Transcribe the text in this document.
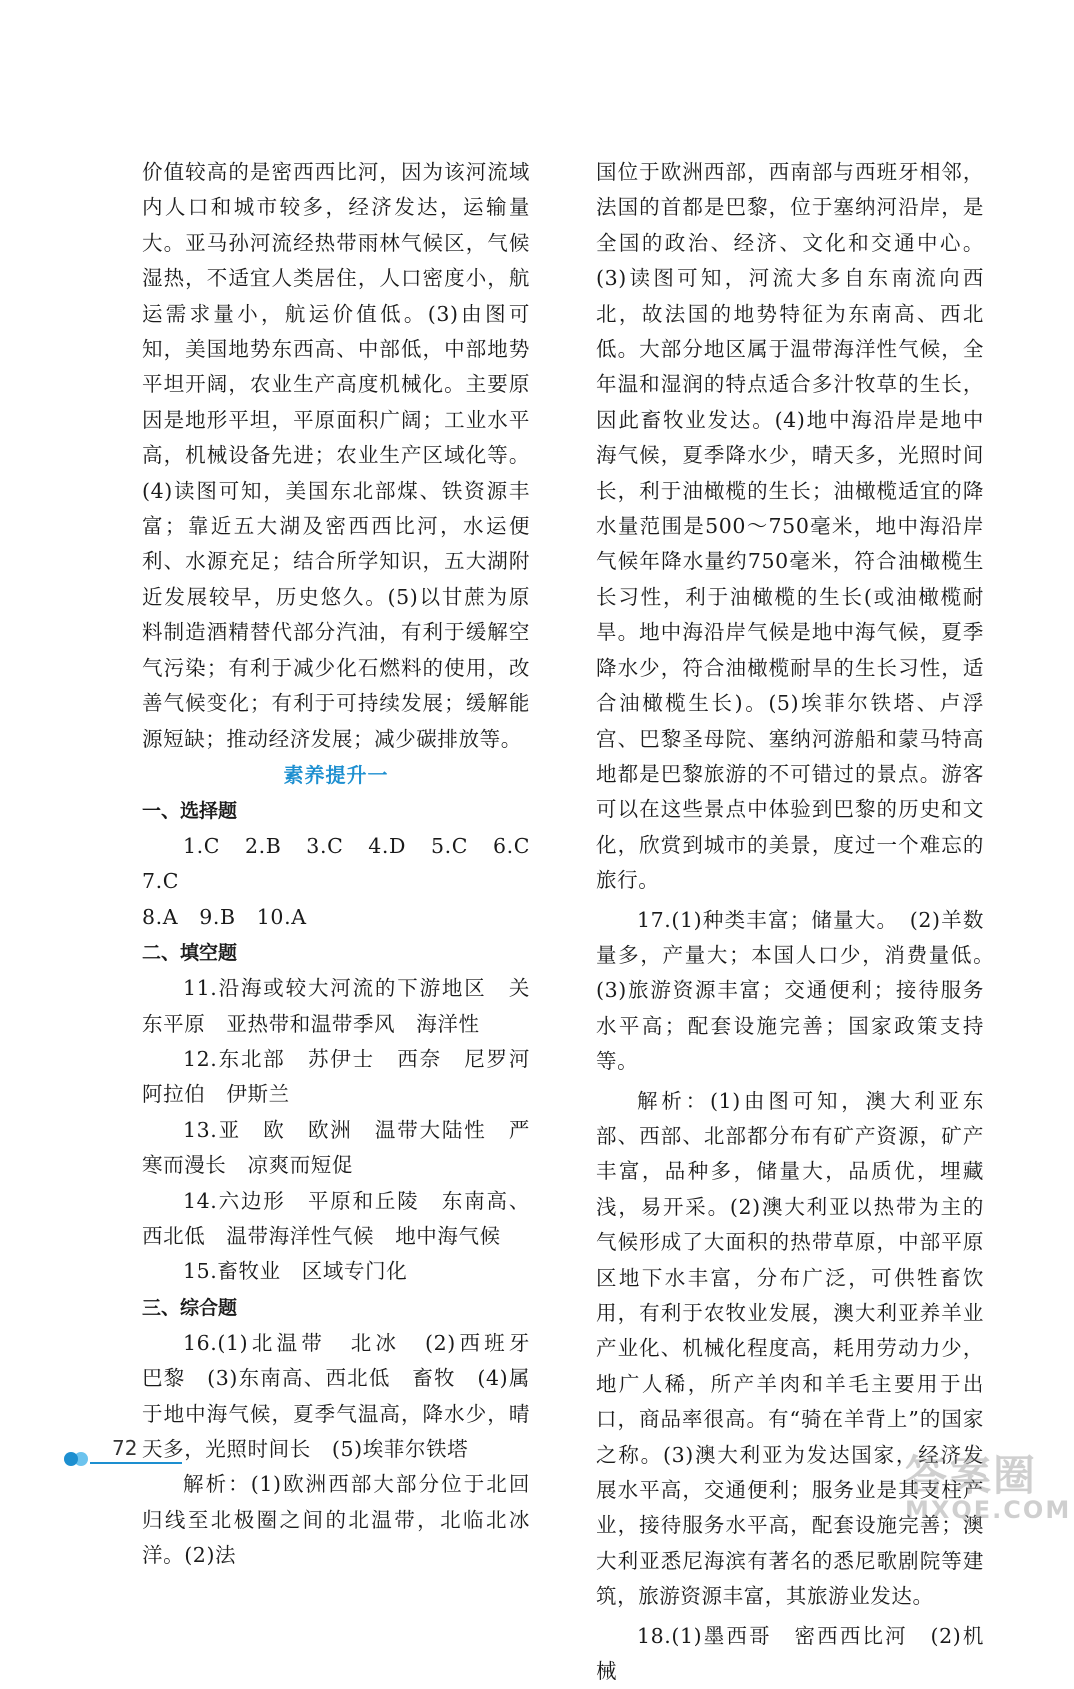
价值较高的是密西西比河，因为该河流域内人口和城市较多，经济发达，运输量大。亚马孙河流经热带雨林气候区，气候湿热，不适宜人类居住，人口密度小，航运需求量小，航运价值低。(3)由图可知，美国地势东西高、中部低，中部地势平坦开阔，农业生产高度机械化。主要原因是地形平坦，平原面积广阔；工业水平高，机械设备先进；农业生产区域化等。(4)读图可知，美国东北部煤、铁资源丰富；靠近五大湖及密西西比河，水运便利、水源充足；结合所学知识，五大湖附近发展较早，历史悠久。(5)以甘蔗为原料制造酒精替代部分汽油，有利于缓解空气污染；有利于减少化石燃料的使用，改善气候变化；有利于可持续发展；缓解能源短缺；推动经济发展；减少碳排放等。

素养提升一
一、选择题

1.C　2.B　3.C　4.D　5.C　6.C　7.C

8.A　9.B　10.A

二、填空题

11.沿海或较大河流的下游地区　关东平原　亚热带和温带季风　海洋性

12.东北部　苏伊士　西奈　尼罗河　阿拉伯　伊斯兰

13.亚　欧　欧洲　温带大陆性　严寒而漫长　凉爽而短促

14.六边形　平原和丘陵　东南高、西北低　温带海洋性气候　地中海气候

15.畜牧业　区域专门化

三、综合题

16.(1)北温带　北冰　(2)西班牙　巴黎　(3)东南高、西北低　畜牧　(4)属于地中海气候，夏季气温高，降水少，晴天多，光照时间长　(5)埃菲尔铁塔

解析：(1)欧洲西部大部分位于北回归线至北极圈之间的北温带，北临北冰洋。(2)法

国位于欧洲西部，西南部与西班牙相邻，法国的首都是巴黎，位于塞纳河沿岸，是全国的政治、经济、文化和交通中心。(3)读图可知，河流大多自东南流向西北，故法国的地势特征为东南高、西北低。大部分地区属于温带海洋性气候，全年温和湿润的特点适合多汁牧草的生长，因此畜牧业发达。(4)地中海沿岸是地中海气候，夏季降水少，晴天多，光照时间长，利于油橄榄的生长；油橄榄适宜的降水量范围是500～750毫米，地中海沿岸气候年降水量约750毫米，符合油橄榄生长习性，利于油橄榄的生长(或油橄榄耐旱。地中海沿岸气候是地中海气候，夏季降水少，符合油橄榄耐旱的生长习性，适合油橄榄生长)。(5)埃菲尔铁塔、卢浮宫、巴黎圣母院、塞纳河游船和蒙马特高地都是巴黎旅游的不可错过的景点。游客可以在这些景点中体验到巴黎的历史和文化，欣赏到城市的美景，度过一个难忘的旅行。

17.(1)种类丰富；储量大。　(2)羊数量多，产量大；本国人口少，消费量低。　(3)旅游资源丰富；交通便利；接待服务水平高；配套设施完善；国家政策支持等。

解析：(1)由图可知，澳大利亚东部、西部、北部都分布有矿产资源，矿产丰富，品种多，储量大，品质优，埋藏浅，易开采。(2)澳大利亚以热带为主的气候形成了大面积的热带草原，中部平原区地下水丰富，分布广泛，可供牲畜饮用，有利于农牧业发展，澳大利亚养羊业产业化、机械化程度高，耗用劳动力少，地广人稀，所产羊肉和羊毛主要用于出口，商品率很高。有“骑在羊背上”的国家之称。(3)澳大利亚为发达国家，经济发展水平高，交通便利；服务业是其支柱产业，接待服务水平高，配套设施完善；澳大利亚悉尼海滨有著名的悉尼歌剧院等建筑，旅游资源丰富，其旅游业发达。

18.(1)墨西哥　密西西比河　(2)机械

72
答案圈
MXQE.COM
